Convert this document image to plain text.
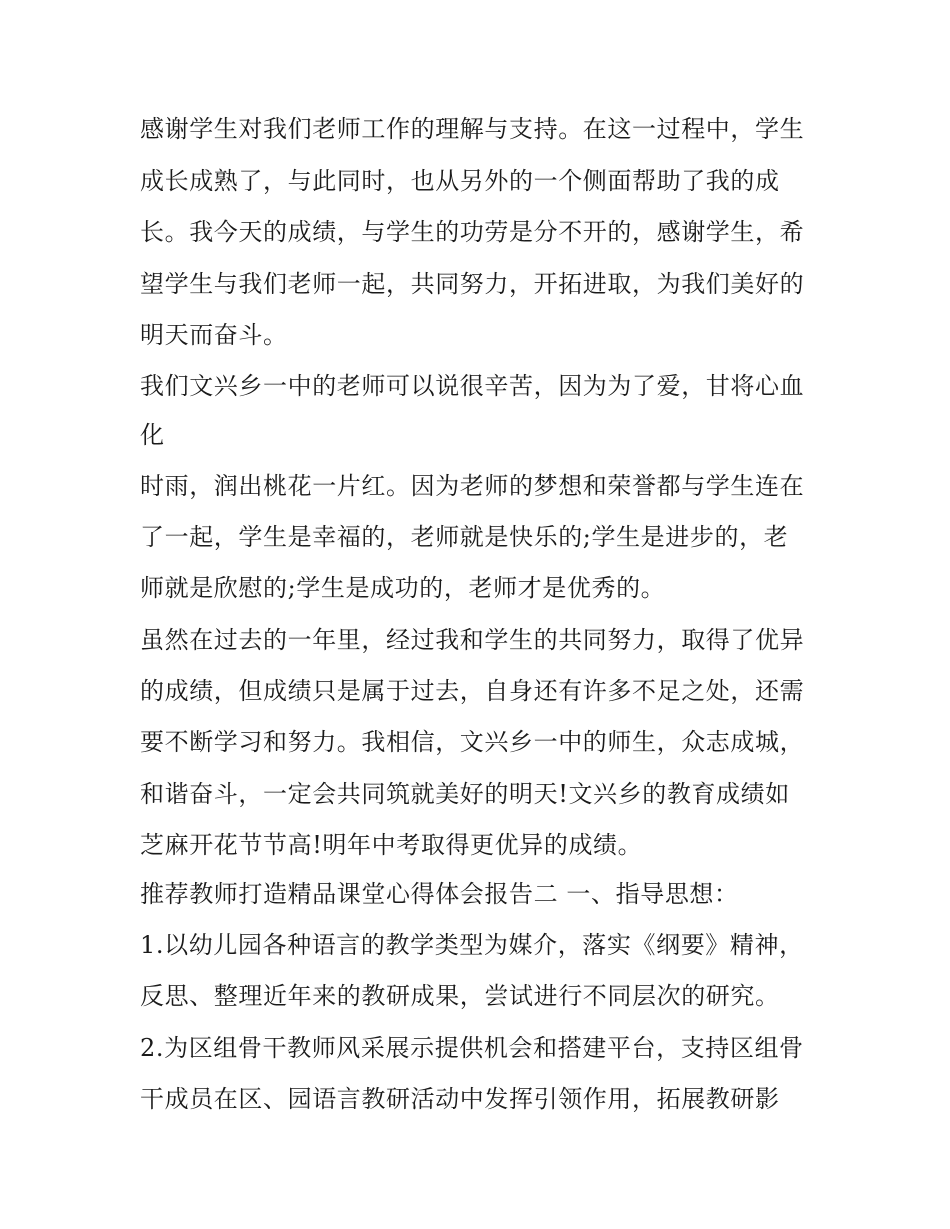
感谢学生对我们老师工作的理解与支持。在这一过程中，学生
成长成熟了，与此同时，也从另外的一个侧面帮助了我的成
长。我今天的成绩，与学生的功劳是分不开的，感谢学生，希
望学生与我们老师一起，共同努力，开拓进取，为我们美好的
明天而奋斗。
我们文兴乡一中的老师可以说很辛苦，因为为了爱，甘将心血
化
时雨，润出桃花一片红。因为老师的梦想和荣誉都与学生连在
了一起，学生是幸福的，老师就是快乐的;学生是进步的，老
师就是欣慰的;学生是成功的，老师才是优秀的。
虽然在过去的一年里，经过我和学生的共同努力，取得了优异
的成绩，但成绩只是属于过去，自身还有许多不足之处，还需
要不断学习和努力。我相信，文兴乡一中的师生，众志成城，
和谐奋斗，一定会共同筑就美好的明天!文兴乡的教育成绩如
芝麻开花节节高!明年中考取得更优异的成绩。
推荐教师打造精品课堂心得体会报告二 一、指导思想：
1.以幼儿园各种语言的教学类型为媒介，落实《纲要》精神，
反思、整理近年来的教研成果，尝试进行不同层次的研究。
2.为区组骨干教师风采展示提供机会和搭建平台，支持区组骨
干成员在区、园语言教研活动中发挥引领作用，拓展教研影
